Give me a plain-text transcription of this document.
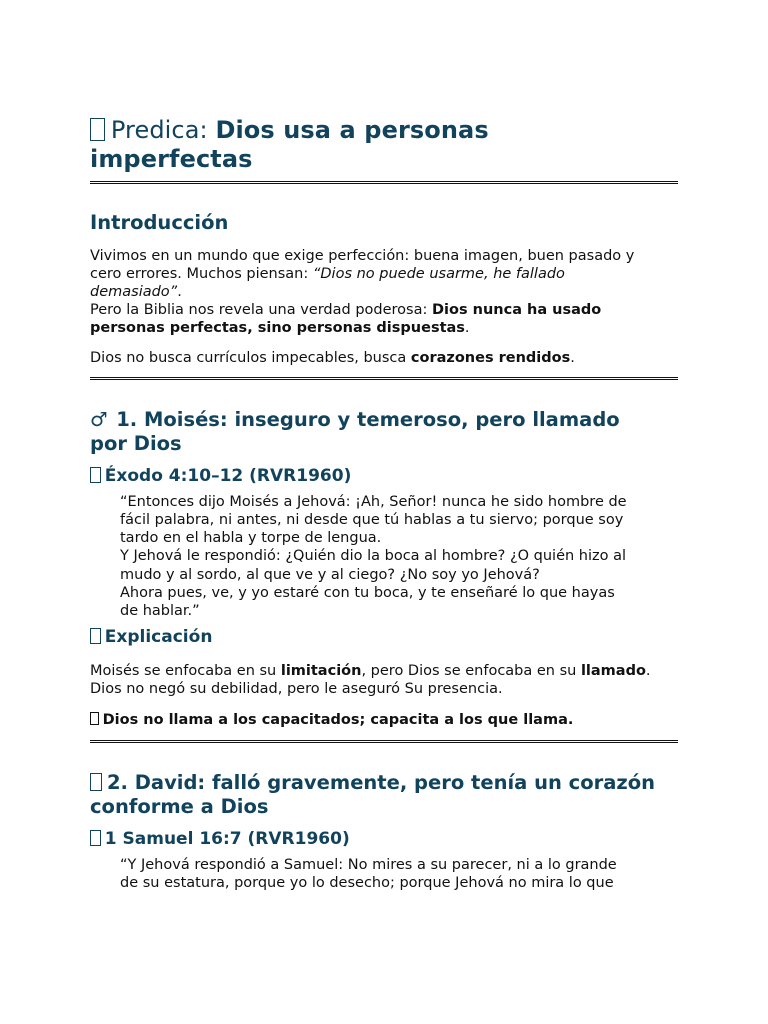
Predica: Dios usa a personas
imperfectas
Introducción

Vivimos en un mundo que exige perfección: buena imagen, buen pasado y
cero errores. Muchos piensan: “Dios no puede usarme, he fallado
demasiado”.
Pero la Biblia nos revela una verdad poderosa: Dios nunca ha usado
personas perfectas, sino personas dispuestas.

Dios no busca currículos impecables, busca corazones rendidos.

♂ 1. Moisés: inseguro y temeroso, pero llamado
por Dios
Éxodo 4:10–12 (RVR1960)
“Entonces dijo Moisés a Jehová: ¡Ah, Señor! nunca he sido hombre de
fácil palabra, ni antes, ni desde que tú hablas a tu siervo; porque soy
tardo en el habla y torpe de lengua.
Y Jehová le respondió: ¿Quién dio la boca al hombre? ¿O quién hizo al
mudo y al sordo, al que ve y al ciego? ¿No soy yo Jehová?
Ahora pues, ve, y yo estaré con tu boca, y te enseñaré lo que hayas
de hablar.”
Explicación

Moisés se enfocaba en su limitación, pero Dios se enfocaba en su llamado.
Dios no negó su debilidad, pero le aseguró Su presencia.

Dios no llama a los capacitados; capacita a los que llama.

2. David: falló gravemente, pero tenía un corazón
conforme a Dios
1 Samuel 16:7 (RVR1960)
“Y Jehová respondió a Samuel: No mires a su parecer, ni a lo grande
de su estatura, porque yo lo desecho; porque Jehová no mira lo que
